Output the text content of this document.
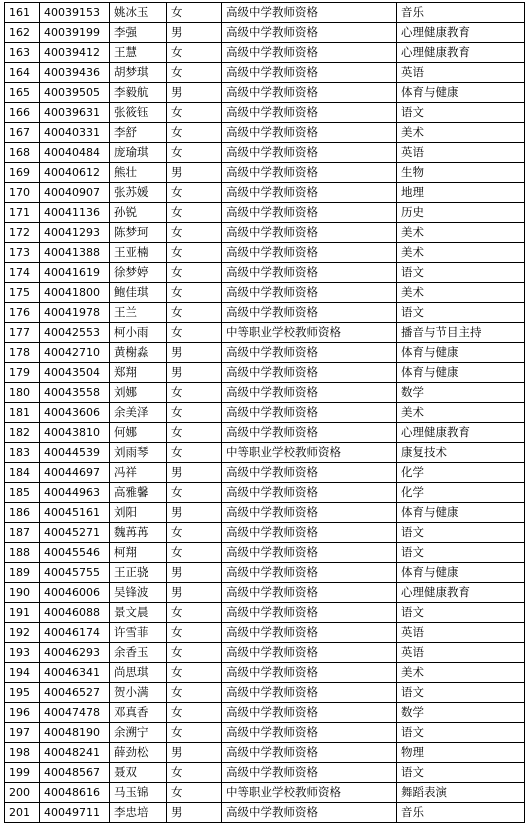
161	40039153	姚冰玉	女	高级中学教师资格	音乐
162	40039199	李强	男	高级中学教师资格	心理健康教育
163	40039412	王慧	女	高级中学教师资格	心理健康教育
164	40039436	胡梦琪	女	高级中学教师资格	英语
165	40039505	李毅航	男	高级中学教师资格	体育与健康
166	40039631	张筱钰	女	高级中学教师资格	语文
167	40040331	李舒	女	高级中学教师资格	美术
168	40040484	庞瑜琪	女	高级中学教师资格	英语
169	40040612	熊壮	男	高级中学教师资格	生物
170	40040907	张苏媛	女	高级中学教师资格	地理
171	40041136	孙锐	女	高级中学教师资格	历史
172	40041293	陈梦珂	女	高级中学教师资格	美术
173	40041388	王亚楠	女	高级中学教师资格	美术
174	40041619	徐梦婷	女	高级中学教师资格	语文
175	40041800	鲍佳琪	女	高级中学教师资格	美术
176	40041978	王兰	女	高级中学教师资格	语文
177	40042553	柯小雨	女	中等职业学校教师资格	播音与节目主持
178	40042710	黄榭淼	男	高级中学教师资格	体育与健康
179	40043504	郑翔	男	高级中学教师资格	体育与健康
180	40043558	刘娜	女	高级中学教师资格	数学
181	40043606	余美泽	女	高级中学教师资格	美术
182	40043810	何娜	女	高级中学教师资格	心理健康教育
183	40044539	刘雨琴	女	中等职业学校教师资格	康复技术
184	40044697	冯祥	男	高级中学教师资格	化学
185	40044963	高雅馨	女	高级中学教师资格	化学
186	40045161	刘阳	男	高级中学教师资格	体育与健康
187	40045271	魏苒苒	女	高级中学教师资格	语文
188	40045546	柯翔	女	高级中学教师资格	语文
189	40045755	王正骁	男	高级中学教师资格	体育与健康
190	40046006	吴锋波	男	高级中学教师资格	心理健康教育
191	40046088	景文晨	女	高级中学教师资格	语文
192	40046174	许雪菲	女	高级中学教师资格	英语
193	40046293	余香玉	女	高级中学教师资格	英语
194	40046341	尚思琪	女	高级中学教师资格	美术
195	40046527	贺小满	女	高级中学教师资格	语文
196	40047478	邓真香	女	高级中学教师资格	数学
197	40048190	余溯宁	女	高级中学教师资格	语文
198	40048241	薛劲松	男	高级中学教师资格	物理
199	40048567	聂双	女	高级中学教师资格	语文
200	40048616	马玉锦	女	中等职业学校教师资格	舞蹈表演
201	40049711	李忠培	男	高级中学教师资格	音乐
